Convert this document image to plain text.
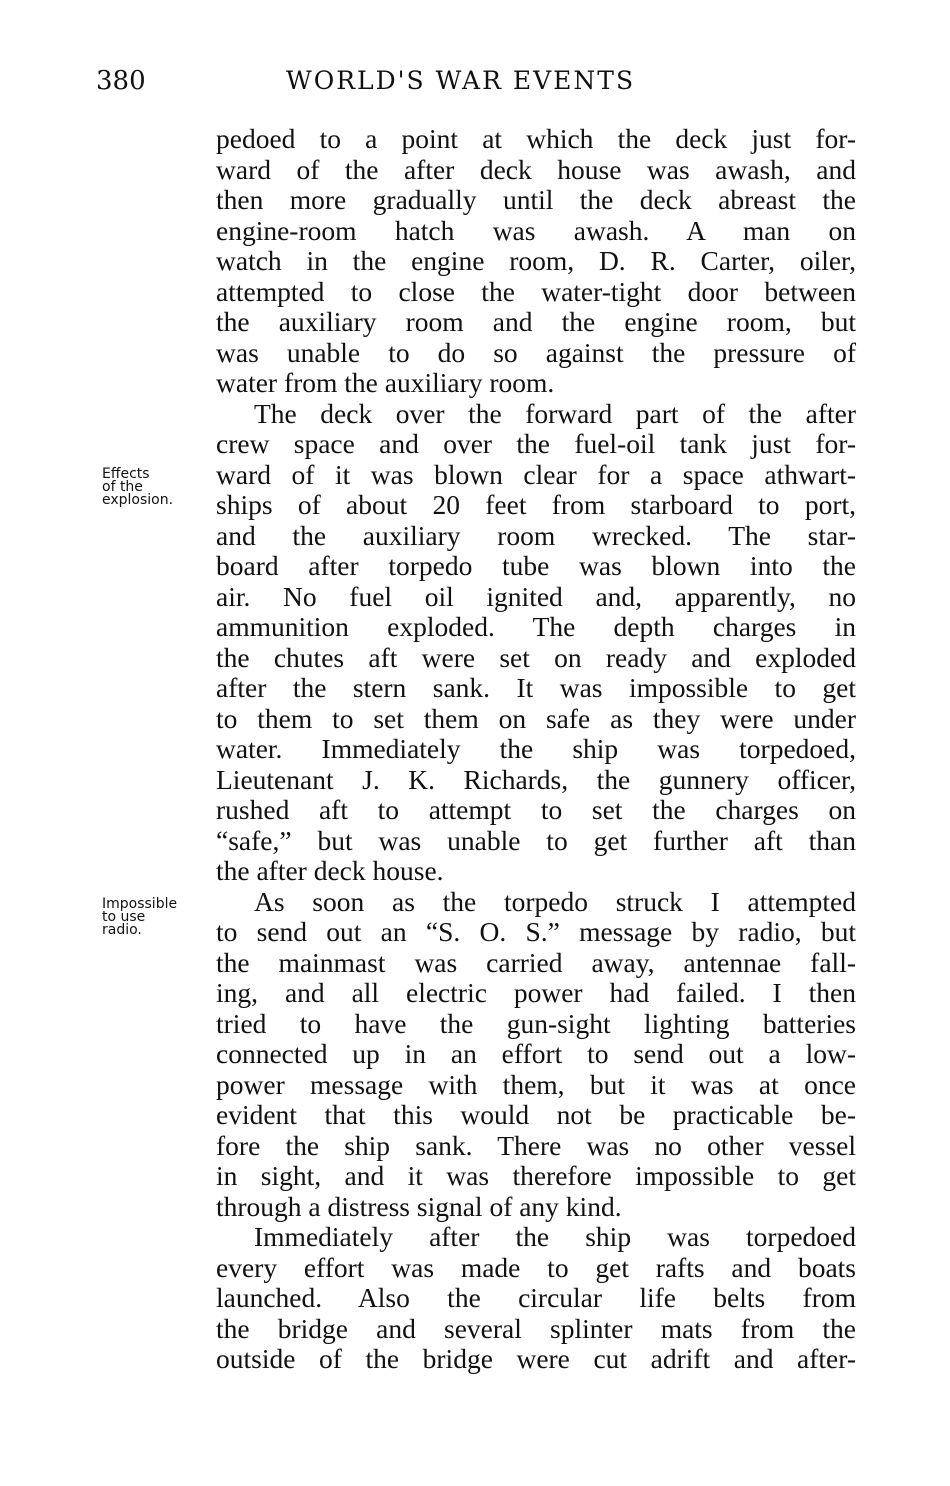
380	WORLD'S WAR EVENTS
Effects
of the
explosion.
Impossible
to use
radio.
pedoed to a point at which the deck just for-
ward of the after deck house was awash, and
then more gradually until the deck abreast the
engine-room hatch was awash. A man on
watch in the engine room, D. R. Carter, oiler,
attempted to close the water-tight door between
the auxiliary room and the engine room, but
was unable to do so against the pressure of
water from the auxiliary room.
The deck over the forward part of the after
crew space and over the fuel-oil tank just for-
ward of it was blown clear for a space athwart-
ships of about 20 feet from starboard to port,
and the auxiliary room wrecked. The star-
board after torpedo tube was blown into the
air. No fuel oil ignited and, apparently, no
ammunition exploded. The depth charges in
the chutes aft were set on ready and exploded
after the stern sank. It was impossible to get
to them to set them on safe as they were under
water. Immediately the ship was torpedoed,
Lieutenant J. K. Richards, the gunnery officer,
rushed aft to attempt to set the charges on
“safe,” but was unable to get further aft than
the after deck house.
As soon as the torpedo struck I attempted
to send out an “S. O. S.” message by radio, but
the mainmast was carried away, antennae fall-
ing, and all electric power had failed. I then
tried to have the gun-sight lighting batteries
connected up in an effort to send out a low-
power message with them, but it was at once
evident that this would not be practicable be-
fore the ship sank. There was no other vessel
in sight, and it was therefore impossible to get
through a distress signal of any kind.
Immediately after the ship was torpedoed
every effort was made to get rafts and boats
launched. Also the circular life belts from
the bridge and several splinter mats from the
outside of the bridge were cut adrift and after-
